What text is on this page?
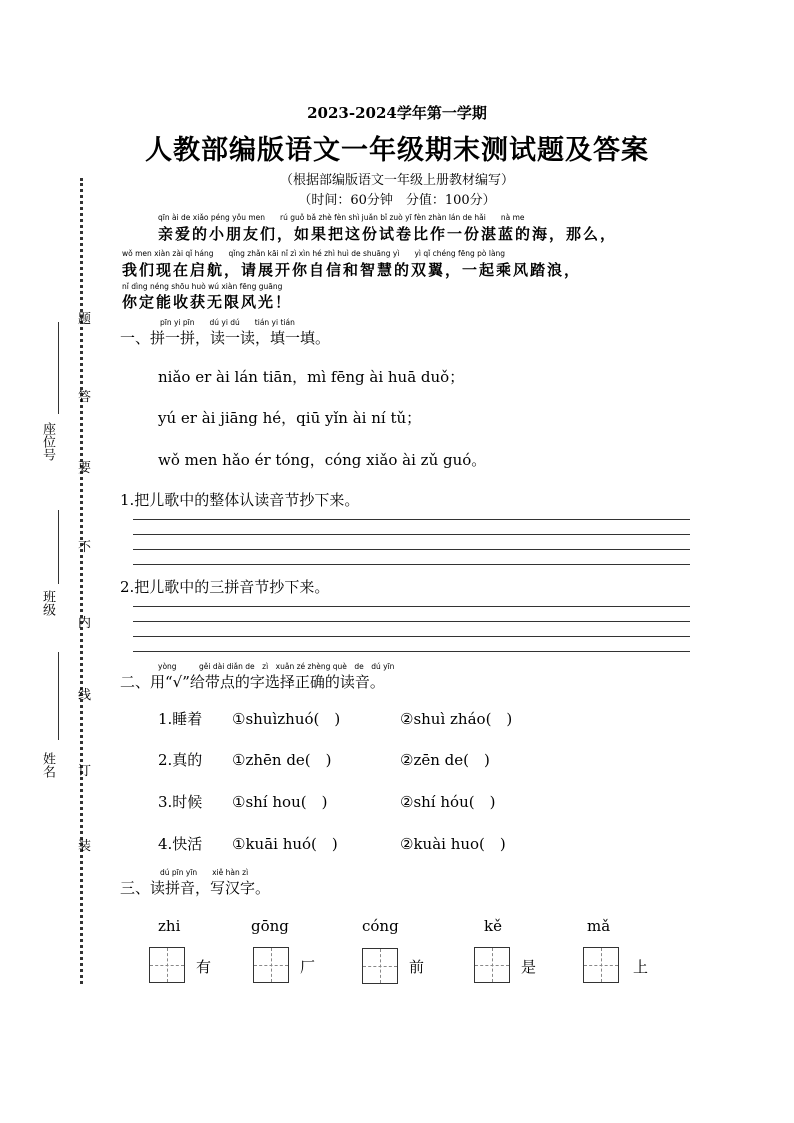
座位号
班级
姓名
题
答
要
不
内
线
订
装
2023-2024学年第一学期
人教部编版语文一年级期末测试题及答案
（根据部编版语文一年级上册教材编写）
（时间：60分钟　分值：100分）
qīn ài de xiǎo péng yǒu men　　rú guǒ bǎ zhè fèn shì juǎn bǐ zuò yī fèn zhàn lán de hǎi　　nà me
亲爱的小朋友们，如果把这份试卷比作一份湛蓝的海，那么，
wǒ men xiàn zài qǐ háng　　qǐng zhǎn kāi nǐ zì xìn hé zhì huì de shuāng yì　　yì qǐ chéng fēng pò làng
我们现在启航，请展开你自信和智慧的双翼，一起乘风踏浪，
nǐ dìng néng shōu huò wú xiàn fēng guāng
你定能收获无限风光！
pīn yi pīn　　dú yi dú　　tián yi tián
一、拼一拼，读一读，填一填。
niǎo er ài lán tiān，mì fēng ài huā duǒ；
yú er ài jiāng hé，qiū yǐn ài ní tǔ；
wǒ men hǎo ér tóng，cóng xiǎo ài zǔ guó。
1.把儿歌中的整体认读音节抄下来。
2.把儿歌中的三拼音节抄下来。
yòng　　　gěi dài diǎn de　zì　xuǎn zé zhèng què　de　dú yīn
二、用“√”给带点的字选择正确的读音。
1.睡着 ①shuìzhuó(　)	②shuì zháo(　)
2.真的 ①zhēn de(　)	②zēn de(　)
3.时候 ①shí hou(　)	②shí hóu(　)
4.快活 ①kuāi huó(　)	②kuài huo(　)
dú pīn yīn　　xiě hàn zì
三、读拼音，写汉字。
zhi
有
gōng
厂
cóng
前
kě
是
mǎ
上
